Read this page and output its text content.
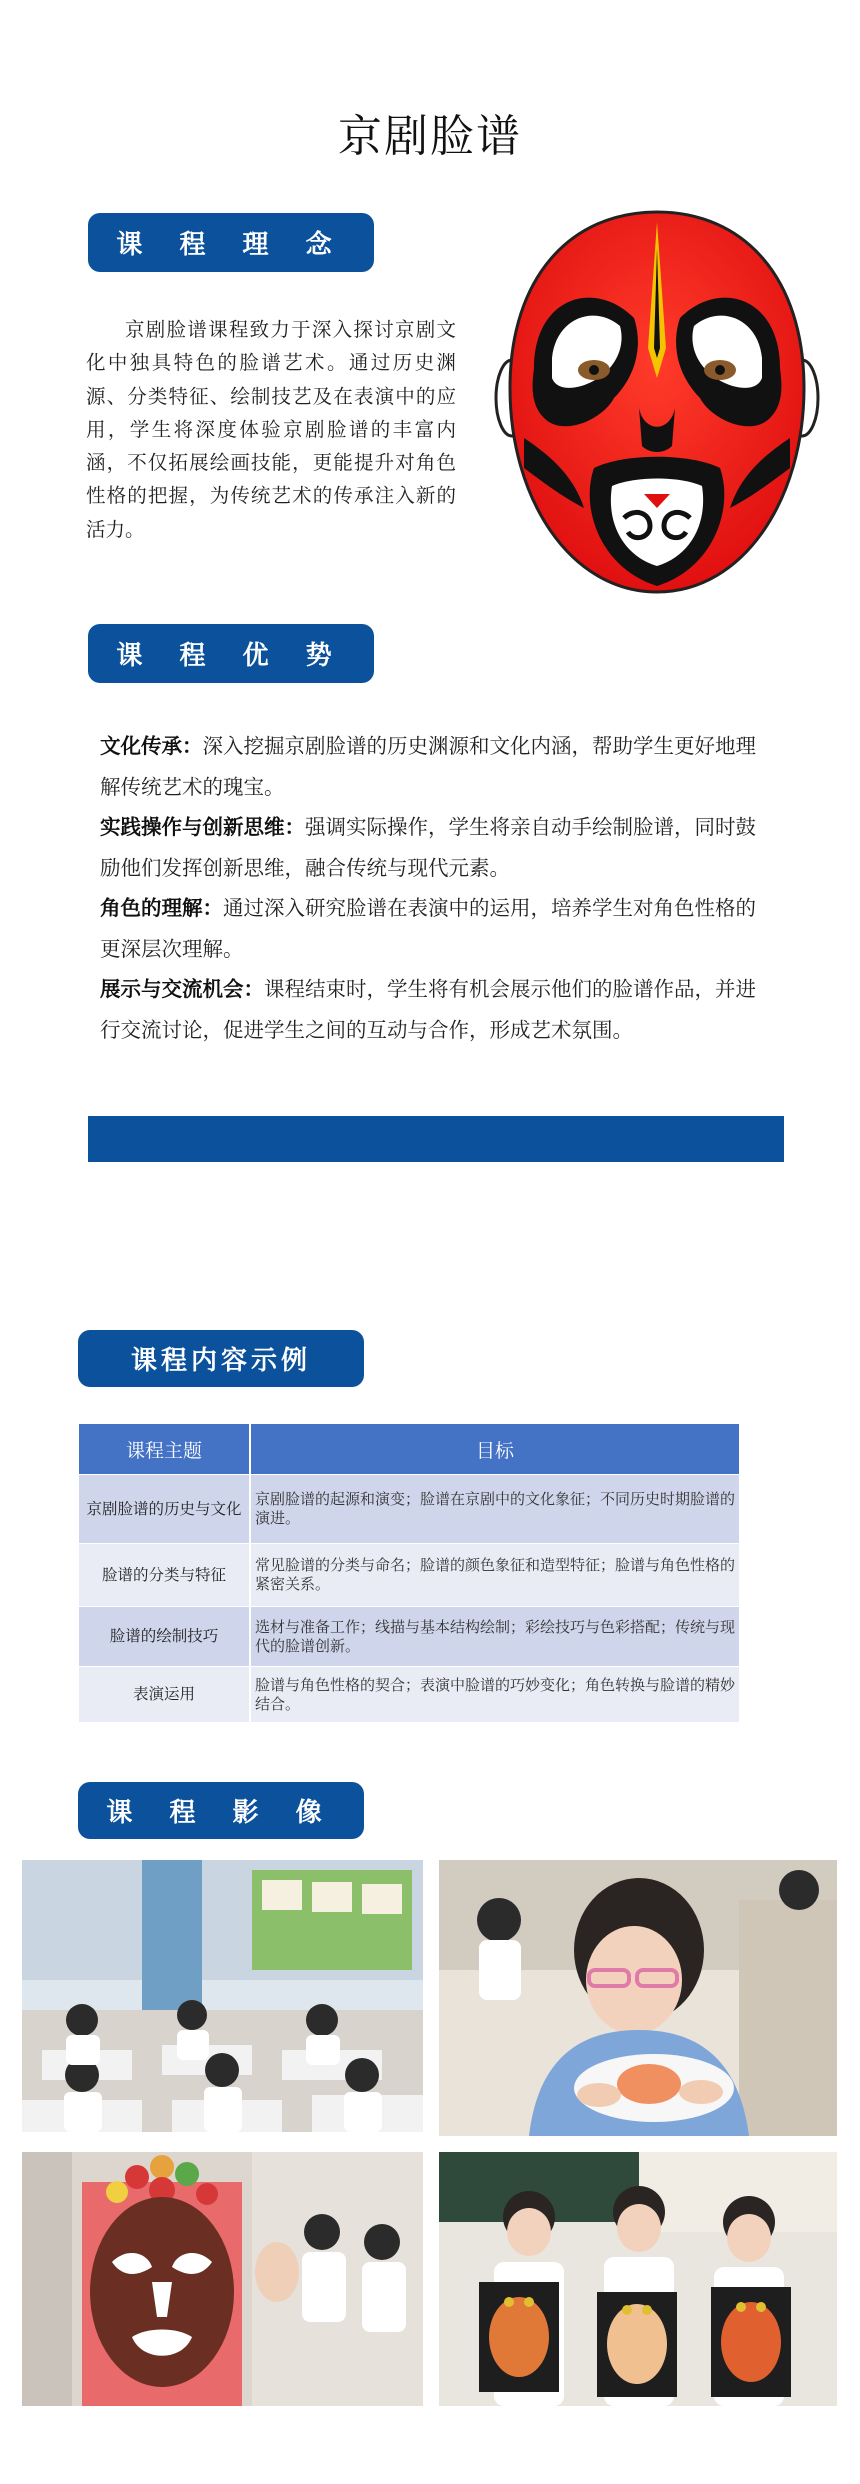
京剧脸谱
课 程 理 念
京剧脸谱课程致力于深入探讨京剧文化中独具特色的脸谱艺术。通过历史渊源、分类特征、绘制技艺及在表演中的应用，学生将深度体验京剧脸谱的丰富内涵，不仅拓展绘画技能，更能提升对角色性格的把握，为传统艺术的传承注入新的活力。
课 程 优 势

文化传承：深入挖掘京剧脸谱的历史渊源和文化内涵，帮助学生更好地理解传统艺术的瑰宝。

实践操作与创新思维：强调实际操作，学生将亲自动手绘制脸谱，同时鼓励他们发挥创新思维，融合传统与现代元素。

角色的理解：通过深入研究脸谱在表演中的运用，培养学生对角色性格的更深层次理解。

展示与交流机会：课程结束时，学生将有机会展示他们的脸谱作品，并进行交流讨论，促进学生之间的互动与合作，形成艺术氛围。

课程内容示例
课程主题	目标
京剧脸谱的历史与文化	京剧脸谱的起源和演变；脸谱在京剧中的文化象征；不同历史时期脸谱的演进。
脸谱的分类与特征	常见脸谱的分类与命名；脸谱的颜色象征和造型特征；脸谱与角色性格的紧密关系。
脸谱的绘制技巧	选材与准备工作；线描与基本结构绘制；彩绘技巧与色彩搭配；传统与现代的脸谱创新。
表演运用	脸谱与角色性格的契合；表演中脸谱的巧妙变化；角色转换与脸谱的精妙结合。
课 程 影 像
